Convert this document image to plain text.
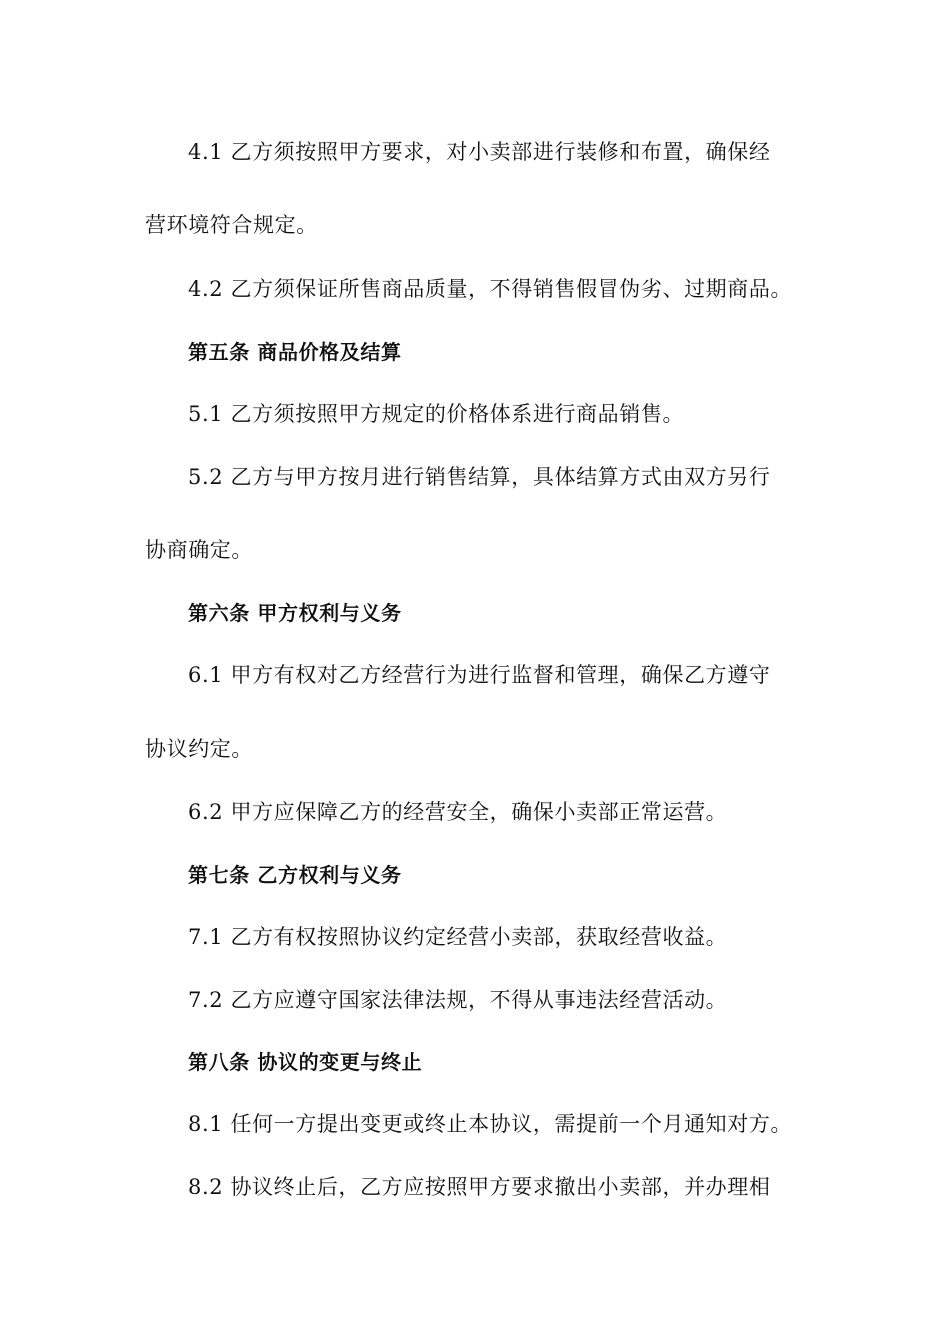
4.1 乙方须按照甲方要求，对小卖部进行装修和布置，确保经
营环境符合规定。
4.2 乙方须保证所售商品质量，不得销售假冒伪劣、过期商品。
第五条 商品价格及结算
5.1 乙方须按照甲方规定的价格体系进行商品销售。
5.2 乙方与甲方按月进行销售结算，具体结算方式由双方另行
协商确定。
第六条 甲方权利与义务
6.1 甲方有权对乙方经营行为进行监督和管理，确保乙方遵守
协议约定。
6.2 甲方应保障乙方的经营安全，确保小卖部正常运营。
第七条 乙方权利与义务
7.1 乙方有权按照协议约定经营小卖部，获取经营收益。
7.2 乙方应遵守国家法律法规，不得从事违法经营活动。
第八条 协议的变更与终止
8.1 任何一方提出变更或终止本协议，需提前一个月通知对方。
8.2 协议终止后，乙方应按照甲方要求撤出小卖部，并办理相
